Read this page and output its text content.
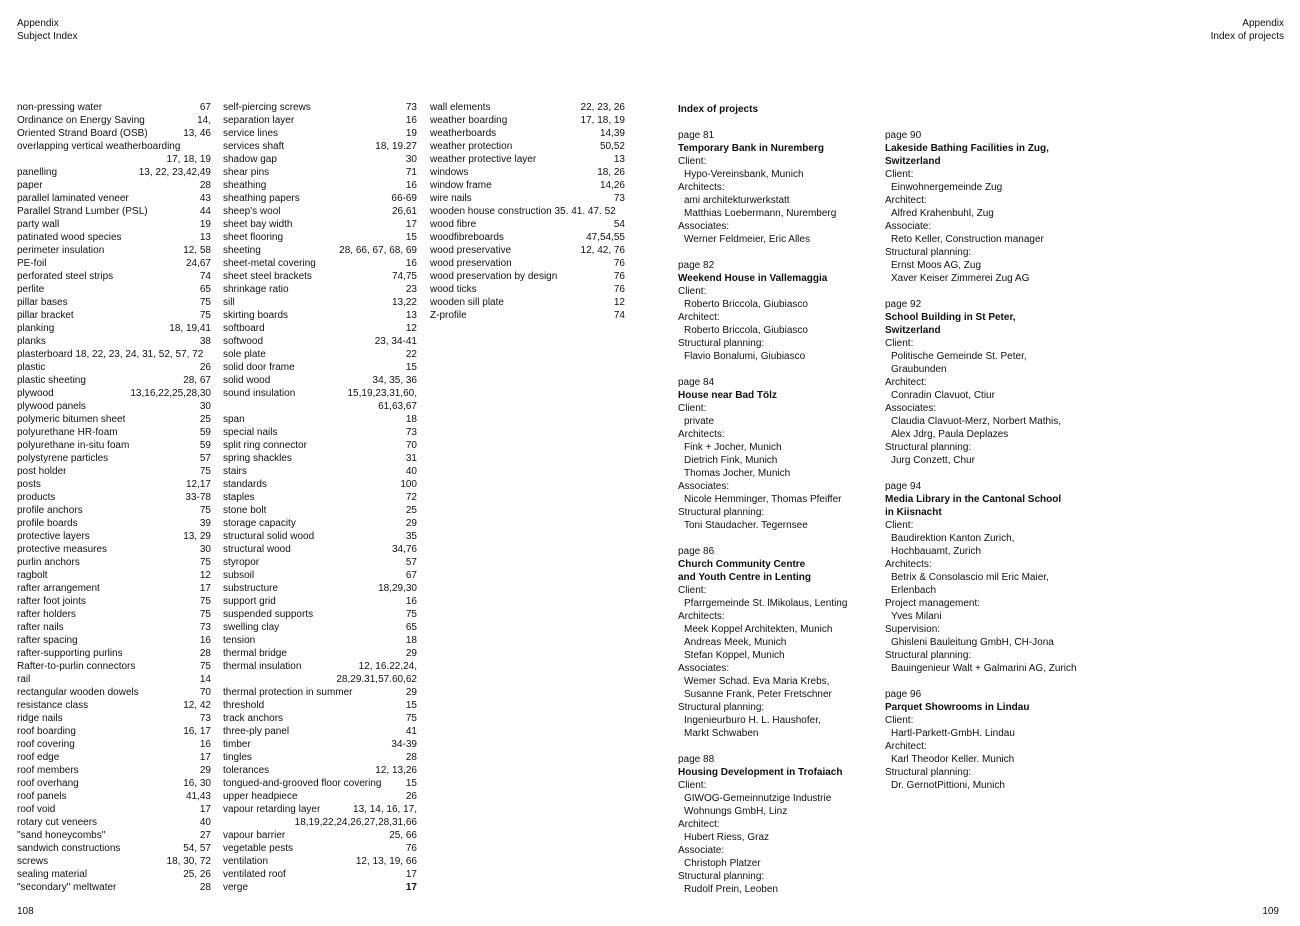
Appendix
Subject Index
non-pressing water	67
Ordinance on Energy Saving	14,
Oriented Strand Board (OSB)	13, 46
overlapping vertical weatherboarding
17, 18, 19
panelling	13, 22, 23,42,49
paper	28
parallel laminated veneer	43
Parallel Strand Lumber (PSL)	44
party wall	19
patinated wood species	13
perimeter insulation	12, 58
PE-foil	24,67
perforated steel strips	74
perlite	65
pillar bases	75
pillar bracket	75
planking	18, 19,41
planks	38
plasterboard 18, 22, 23, 24, 31, 52, 57, 72
plastic	26
plastic sheeting	28, 67
plywood	13,16,22,25,28,30
plywood panels	30
polymeric bitumen sheet	25
polyurethane HR-foam	59
polyurethane in-situ foam	59
polystyrene particles	57
post holder	75
posts	12,17
products	33-78
profile anchors	75
profile boards	39
protective layers	13, 29
protective measures	30
purlin anchors	75
ragbolt	12
rafter arrangement	17
rafter foot joints	75
rafter holders	75
rafter nails	73
rafter spacing	16
rafter-supporting purlins	28
Rafter-to-purlin connectors	75
rail	14
rectangular wooden dowels	70
resistance class	12, 42
ridge nails	73
roof boarding	16, 17
roof covering	16
roof edge	17
roof members	29
roof overhang	16, 30
roof panels	41,43
roof void	17
rotary cut veneers	40
"sand honeycombs"	27
sandwich constructions	54, 57
screws	18, 30, 72
sealing material	25, 26
"secondary" meltwater	28
self-piercing screws	73
separation layer	16
service lines	19
services shaft	18, 19.27
shadow gap	30
shear pins	71
sheathing	16
sheathing papers	66-69
sheep's wool	26,61
sheet bay width	17
sheet flooring	15
sheeting	28, 66, 67, 68, 69
sheet-metal covering	16
sheet steel brackets	74,75
shrinkage ratio	23
sill	13,22
skirting boards	13
softboard	12
softwood	23, 34-41
sole plate	22
solid door frame	15
solid wood	34, 35, 36
sound insulation	15,19,23,31,60,
61,63,67
span	18
special nails	73
split ring connector	70
spring shackles	31
stairs	40
standards	100
staples	72
stone bolt	25
storage capacity	29
structural solid wood	35
structural wood	34,76
styropor	57
subsoil	67
substructure	18,29,30
support grid	16
suspended supports	75
swelling clay	65
tension	18
thermal bridge	29
thermal insulation	12, 16.22,24,
28,29.31,57.60,62
thermal protection in summer	29
threshold	15
track anchors	75
three-ply panel	41
timber	34-39
tingles	28
tolerances	12, 13,26
tongued-and-grooved floor covering	15
upper headpiece	26
vapour retarding layer	13, 14, 16, 17,
18,19,22,24,26,27,28,31,66
vapour barrier	25, 66
vegetable pests	76
ventilation	12, 13, 19, 66
ventilated roof	17
verge	17
wall elements	22, 23, 26
weather boarding	17, 18, 19
weatherboards	14,39
weather protection	50,52
weather protective layer	13
windows	18, 26
window frame	14,26
wire nails	73
wooden house construction 35. 41. 47. 52
wood fibre	54
woodfibreboards	47,54,55
wood preservative	12, 42, 76
wood preservation	76
wood preservation by design	76
wood ticks	76
wooden sill plate	12
Z-profile	74
108
Appendix
Index of projects
Index of projects
page 81
Temporary Bank in Nuremberg
Client:
Hypo-Vereinsbank, Munich
Architects:
ami architekturwerkstatt
Matthias Loebermann, Nuremberg
Associates:
Werner Feldmeier, Eric Alles
page 82
Weekend House in Vallemaggia
Client:
Roberto Briccola, Giubiasco
Architect:
Roberto Briccola, Giubiasco
Structural planning:
Flavio Bonalumi, Giubiasco
page 84
House near Bad Tölz
Client:
private
Architects:
Fink + Jocher, Munich
Dietrich Fink, Munich
Thomas Jocher, Munich
Associates:
Nicole Hemminger, Thomas Pfeiffer
Structural planning:
Toni Staudacher. Tegernsee
page 86
Church Community Centre
and Youth Centre in Lenting
Client:
Pfarrgemeinde St. lMikolaus, Lenting
Architects:
Meek Koppel Architekten, Munich
Andreas Meek, Munich
Stefan Koppel, Munich
Associates:
Wemer Schad. Eva Maria Krebs,
Susanne Frank, Peter Fretschner
Structural planning:
Ingenieurburo H. L. Haushofer,
Markt Schwaben
page 88
Housing Development in Trofaiach
Client:
GIWOG-Gemeinnutzige Industrie
Wohnungs GmbH, Linz
Architect:
Hubert Riess, Graz
Associate:
Christoph Platzer
Structural planning:
Rudolf Prein, Leoben
page 90
Lakeside Bathing Facilities in Zug,
Switzerland
Client:
Einwohnergemeinde Zug
Architect:
Alfred Krahenbuhl, Zug
Associate:
Reto Keller, Construction manager
Structural planning:
Ernst Moos AG, Zug
Xaver Keiser Zimmerei Zug AG
page 92
School Building in St Peter,
Switzerland
Client:
Politische Gemeinde St. Peter,
Graubunden
Architect:
Conradin Clavuot, Ctiur
Associates:
Claudia Clavuot-Merz, Norbert Mathis,
Alex Jdrg, Paula Deplazes
Structural planning:
Jurg Conzett, Chur
page 94
Media Library in the Cantonal School
in Kiisnacht
Client:
Baudirektion Kanton Zurich,
Hochbauamt, Zurich
Architects:
Betrix & Consolascio mil Eric Maier,
Erlenbach
Project management:
Yves Milani
Supervision:
Ghisleni Bauleitung GmbH, CH-Jona
Structural planning:
Bauingenieur Walt + Galmarini AG, Zurich
page 96
Parquet Showrooms in Lindau
Client:
Hartl-Parkett-GmbH. Lindau
Architect:
Karl Theodor Keller. Munich
Structural planning:
Dr. GernotPittioni, Munich
109
